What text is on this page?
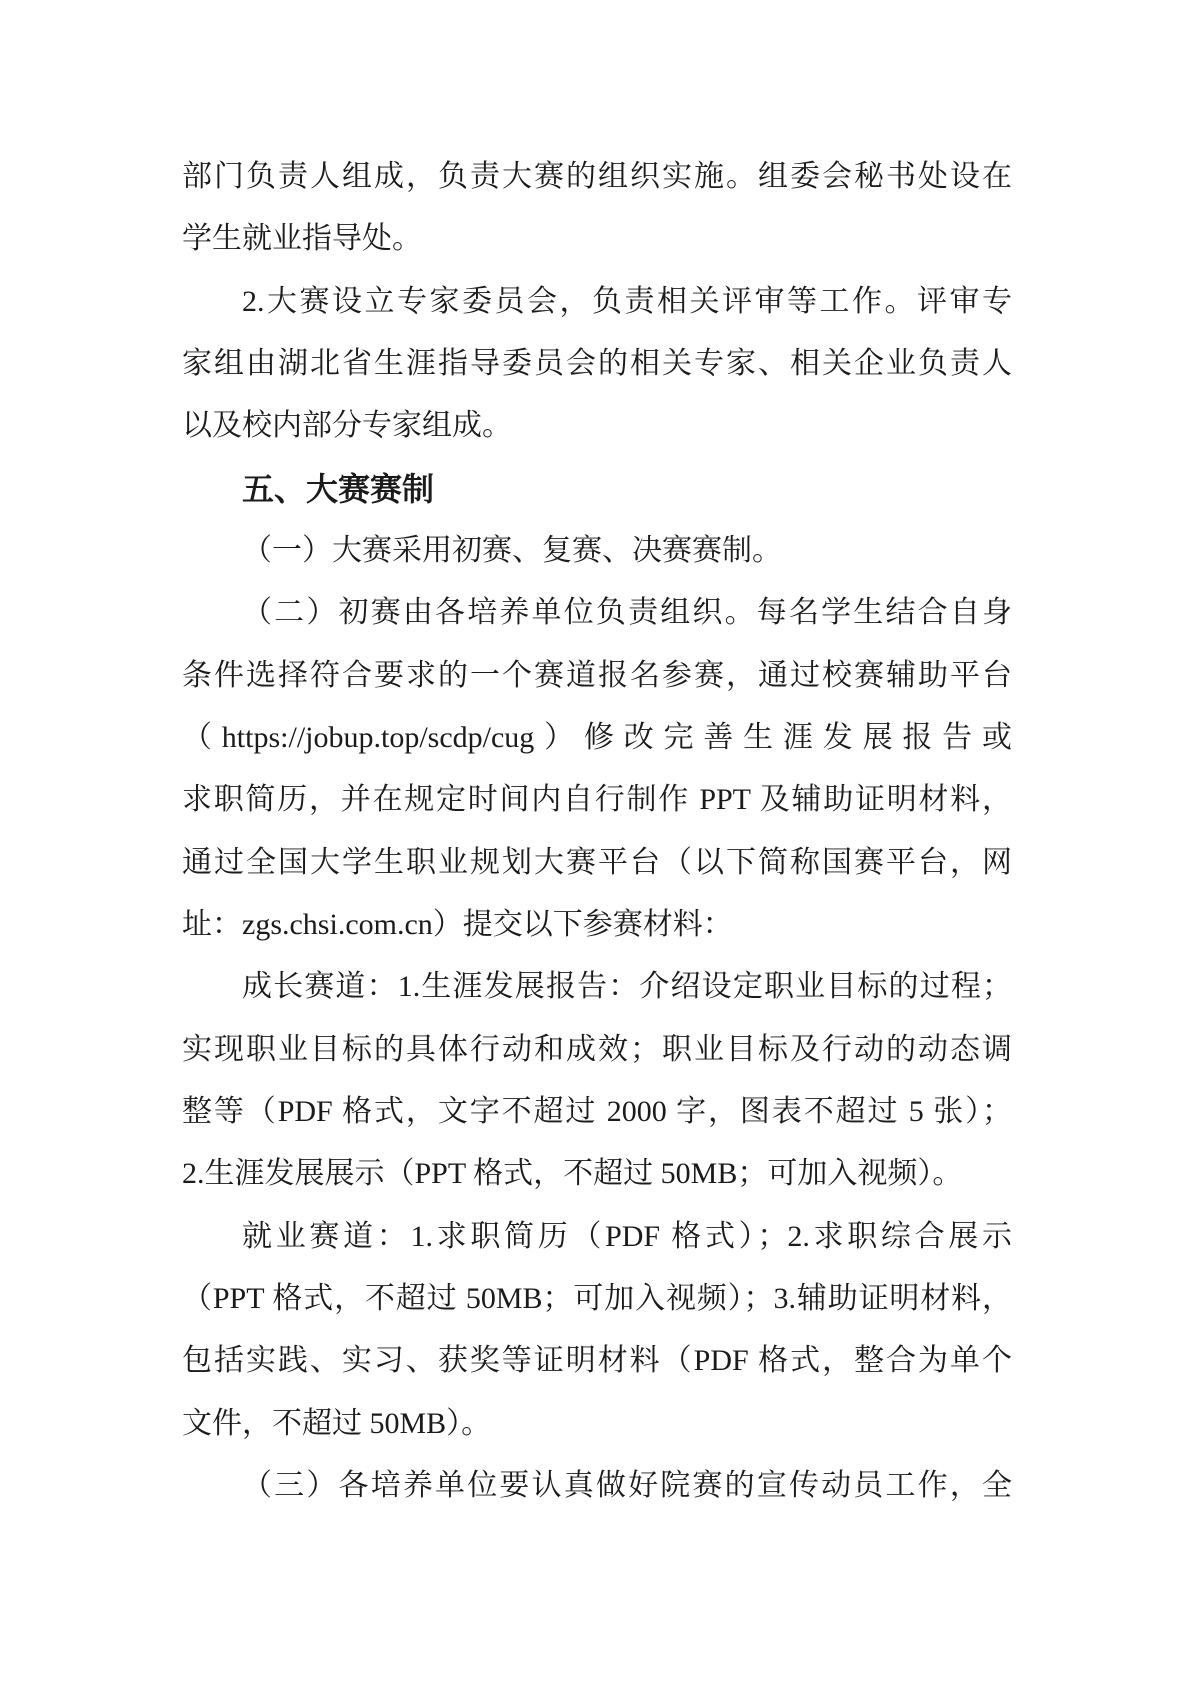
部门负责人组成，负责大赛的组织实施。组委会秘书处设在
学生就业指导处。
2.大赛设立专家委员会，负责相关评审等工作。评审专
家组由湖北省生涯指导委员会的相关专家、相关企业负责人
以及校内部分专家组成。
五、大赛赛制
（一）大赛采用初赛、复赛、决赛赛制。
（二）初赛由各培养单位负责组织。每名学生结合自身
条件选择符合要求的一个赛道报名参赛，通过校赛辅助平台
（https://jobup.top/scdp/cug）修改完善生涯发展报告或
求职简历，并在规定时间内自行制作 PPT 及辅助证明材料，
通过全国大学生职业规划大赛平台（以下简称国赛平台，网
址：zgs.chsi.com.cn）提交以下参赛材料：
成长赛道：1.生涯发展报告：介绍设定职业目标的过程；
实现职业目标的具体行动和成效；职业目标及行动的动态调
整等（PDF 格式，文字不超过 2000 字，图表不超过 5 张）；
2.生涯发展展示（PPT 格式，不超过 50MB；可加入视频）。
就业赛道：1.求职简历（PDF 格式）；2.求职综合展示
（PPT 格式，不超过 50MB；可加入视频）；3.辅助证明材料，
包括实践、实习、获奖等证明材料（PDF 格式，整合为单个
文件，不超过 50MB）。
（三）各培养单位要认真做好院赛的宣传动员工作，全
